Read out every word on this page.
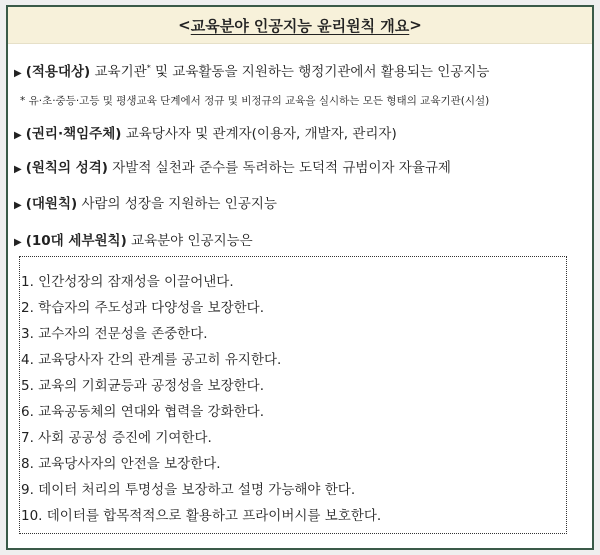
< 교육분야 인공지능 윤리원칙 개요 >
▶ (적용대상) 교육기관* 및 교육활동을 지원하는 행정기관에서 활용되는 인공지능
* 유·초·중등·고등 및 평생교육 단계에서 정규 및 비정규의 교육을 실시하는 모든 형태의 교육기관(시설)
▶ (권리·책임주체) 교육당사자 및 관계자(이용자, 개발자, 관리자)
▶ (원칙의 성격) 자발적 실천과 준수를 독려하는 도덕적 규범이자 자율규제
▶ (대원칙) 사람의 성장을 지원하는 인공지능
▶ (10대 세부원칙) 교육분야 인공지능은
1. 인간성장의 잠재성을 이끌어낸다.
2. 학습자의 주도성과 다양성을 보장한다.
3. 교수자의 전문성을 존중한다.
4. 교육당사자 간의 관계를 공고히 유지한다.
5. 교육의 기회균등과 공정성을 보장한다.
6. 교육공동체의 연대와 협력을 강화한다.
7. 사회 공공성 증진에 기여한다.
8. 교육당사자의 안전을 보장한다.
9. 데이터 처리의 투명성을 보장하고 설명 가능해야 한다.
10. 데이터를 합목적적으로 활용하고 프라이버시를 보호한다.
